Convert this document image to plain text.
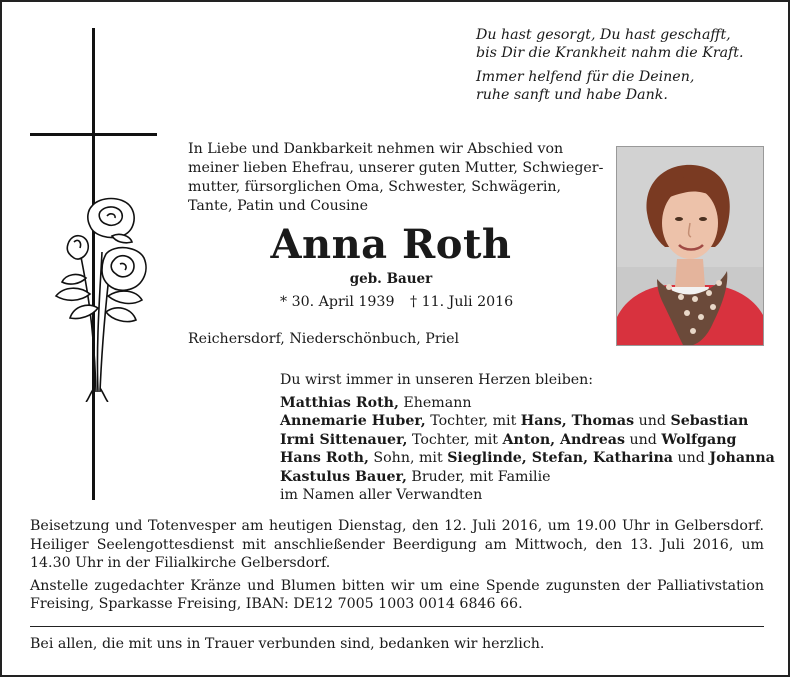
Du hast gesorgt, Du hast geschafft,
bis Dir die Krankheit nahm die Kraft.
Immer helfend für die Deinen,
ruhe sanft und habe Dank.
In Liebe und Dankbarkeit nehmen wir Abschied von
meiner lieben Ehefrau, unserer guten Mutter, Schwieger-
mutter, fürsorglichen Oma, Schwester, Schwägerin,
Tante, Patin und Cousine
Anna Roth
geb. Bauer
* 30. April 1939 † 11. Juli 2016
Reichersdorf, Niederschönbuch, Priel
Du wirst immer in unseren Herzen bleiben:
Matthias Roth, Ehemann
Annemarie Huber, Tochter, mit Hans, Thomas und Sebastian
Irmi Sittenauer, Tochter, mit Anton, Andreas und Wolfgang
Hans Roth, Sohn, mit Sieglinde, Stefan, Katharina und Johanna
Kastulus Bauer, Bruder, mit Familie
im Namen aller Verwandten

Beisetzung und Totenvesper am heutigen Dienstag, den 12. Juli 2016, um 19.00 Uhr in Gelbersdorf. Heiliger Seelengottesdienst mit anschließender Beerdigung am Mittwoch, den 13. Juli 2016, um 14.30 Uhr in der Filialkirche Gelbersdorf.

Anstelle zugedachter Kränze und Blumen bitten wir um eine Spende zugunsten der Palliativstation Freising, Sparkasse Freising, IBAN: DE12 7005 1003 0014 6846 66.

Bei allen, die mit uns in Trauer verbunden sind, bedanken wir herzlich.
